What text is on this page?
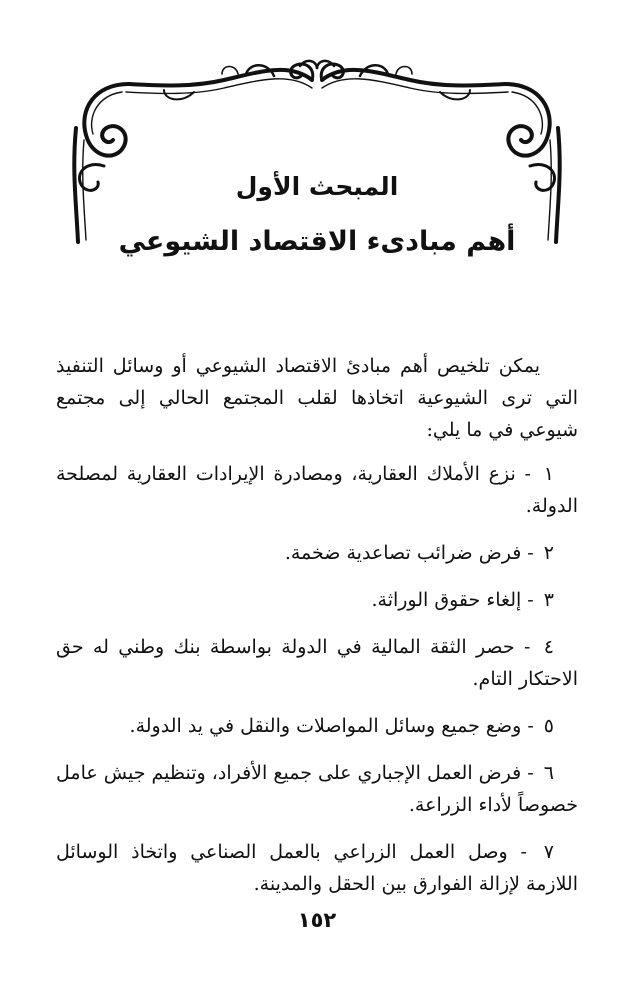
المبحث الأول
أهم مبادىء الاقتصاد الشيوعي

يمكن تلخيص أهم مبادئ الاقتصاد الشيوعي أو وسائل التنفيذ التي ترى الشيوعية اتخاذها لقلب المجتمع الحالي إلى مجتمع شيوعي في ما يلي:

١ - نزع الأملاك العقارية، ومصادرة الإيرادات العقارية لمصلحة الدولة.

٢ - فرض ضرائب تصاعدية ضخمة.

٣ - إلغاء حقوق الوراثة.

٤ - حصر الثقة المالية في الدولة بواسطة بنك وطني له حق الاحتكار التام.

٥ - وضع جميع وسائل المواصلات والنقل في يد الدولة.

٦ - فرض العمل الإجباري على جميع الأفراد، وتنظيم جيش عامل خصوصاً لأداء الزراعة.

٧ - وصل العمل الزراعي بالعمل الصناعي واتخاذ الوسائل اللازمة لإزالة الفوارق بين الحقل والمدينة.

١٥٢
